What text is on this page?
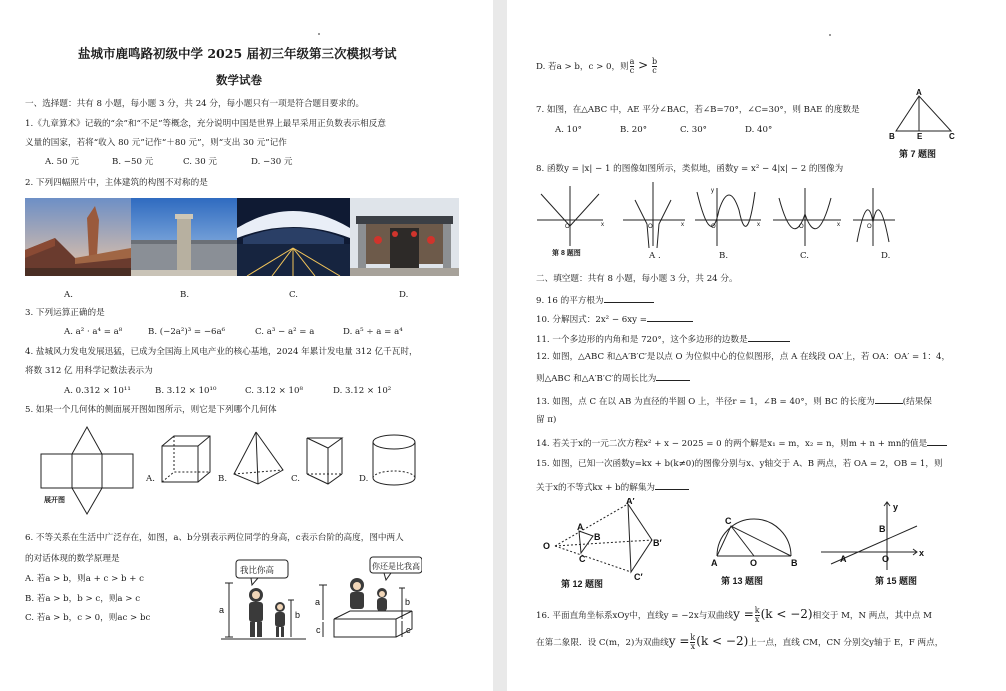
盐城市鹿鸣路初级中学 2025 届初三年级第三次模拟考试
数学试卷
一、选择题：共有 8 小题，每小题 3 分，共 24 分，每小题只有一项是符合题目要求的。
1.《九章算术》记载的“余”和“不足”等概念，充分说明中国是世界上最早采用正负数表示相反意
义量的国家，若将“收入 80 元”记作“＋80 元”，则“支出 30 元”记作
A. 50 元	B. −50 元	C. 30 元	D. −30 元
2. 下列四幅照片中，主体建筑的构图不对称的是
A.	B.	C.	D.
3. 下列运算正确的是
A. a² · a⁴ = a⁸	B. (−2a²)³ = −6a⁶	C. a³ − a² = a	D. a⁵ ÷ a = a⁴
4. 盐城风力发电发展迅猛，已成为全国海上风电产业的核心基地，2024 年累计发电量 312 亿千瓦时，
将数 312 亿 用科学记数法表示为
A. 0.312 × 10¹¹	B. 3.12 × 10¹⁰	C. 3.12 × 10⁸	D. 3.12 × 10²
5. 如果一个几何体的侧面展开图如图所示，则它是下列哪个几何体
展开图
A.	B.	C.	D.
6. 不等关系在生活中广泛存在，如图，a、b分别表示两位同学的身高，c表示台阶的高度，图中两人
的对话体现的数学原理是
A. 若a > b，则a + c > b + c
B. 若a > b，b > c，则a > c
C. 若a > b，c > 0，则ac > bc
我比你高	你还是比我高
a	b
a	b
c	c
D. 若a > b，c > 0，则 $\frac{a}{c} > \frac{b}{c}$
7. 如图，在△ABC 中，AE 平分∠BAC，若∠B=70°，∠C=30°，则 BAE 的度数是
A. 10°	B. 20°	C. 30°	D. 40°
A
B	E	C
第 7 题图
8. 函数y = |x| − 1 的图像如图所示，类似地，函数y = x² − 4|x| − 2 的图像为
O	x	O	x
y
O	x	O	x	O
第 8 题图	A .	B.	C.	D.
二、填空题：共有 8 小题，每小题 3 分，共 24 分。
9. 16 的平方根为
10. 分解因式：2x² − 6xy =
11. 一个多边形的内角和是 720°，这个多边形的边数是
12. 如图，△ABC 和△A′B′C′是以点 O 为位似中心的位似图形，点 A 在线段 OA′上，若 OA：OA′ = 1：4，
则△ABC 和△A′B′C′的周长比为
13. 如图，点 C 在以 AB 为直径的半圆 O 上，半径r = 1，∠B = 40°，则 BC 的长度为	(结果保
留 π)
14. 若关于x的一元二次方程x² + x − 2025 = 0 的两个解是x₁ = m，x₂ = n，则m + n + mn的值是
15. 如图，已知一次函数y=kx + b(k≠0)的图像分别与x、y轴交于 A、B 两点，若 OA = 2，OB = 1，则
关于x的不等式kx + b的解集为
O
A
B
C
A′
B′
C′
C
A	O	B
B
A	O
y
x
第 12 题图	第 13 题图	第 15 题图
16. 平面直角坐标系xOy中，直线y = −2x与双曲线$y = \frac{k}{x} (k < -2)$相交于 M，N 两点，其中点 M
在第二象限．设 C(m，2)为双曲线$y = \frac{k}{x} (k < -2)$上一点，直线 CM，CN 分别交y轴于 E，F 两点，
